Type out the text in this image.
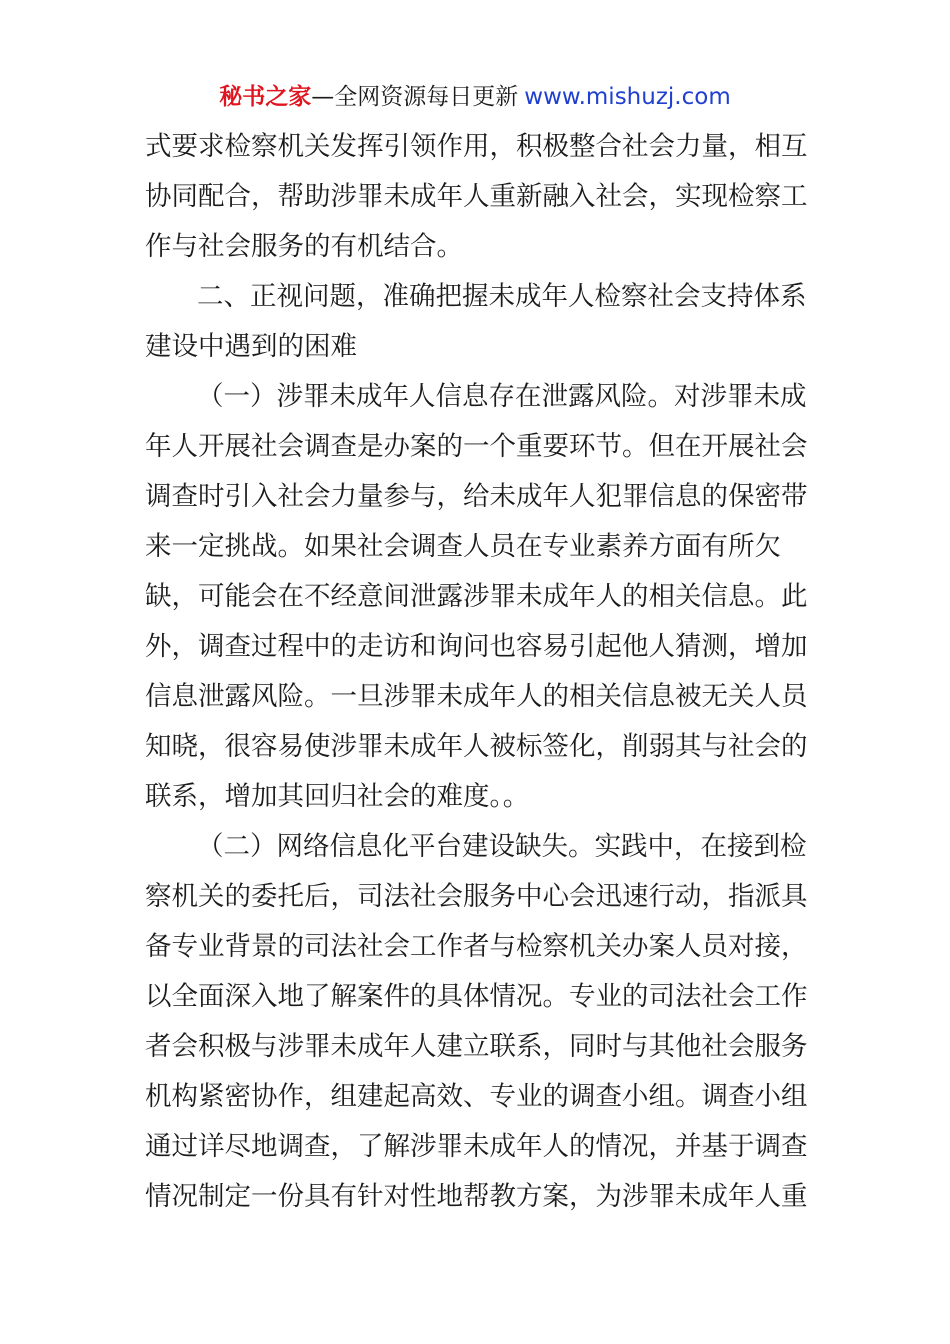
秘书之家—全网资源每日更新 www.mishuzj.com
式要求检察机关发挥引领作用，积极整合社会力量，相互
协同配合，帮助涉罪未成年人重新融入社会，实现检察工
作与社会服务的有机结合。
二、正视问题，准确把握未成年人检察社会支持体系
建设中遇到的困难
（一）涉罪未成年人信息存在泄露风险。对涉罪未成
年人开展社会调查是办案的一个重要环节。但在开展社会
调查时引入社会力量参与，给未成年人犯罪信息的保密带
来一定挑战。如果社会调查人员在专业素养方面有所欠
缺，可能会在不经意间泄露涉罪未成年人的相关信息。此
外，调查过程中的走访和询问也容易引起他人猜测，增加
信息泄露风险。一旦涉罪未成年人的相关信息被无关人员
知晓，很容易使涉罪未成年人被标签化，削弱其与社会的
联系，增加其回归社会的难度。。
（二）网络信息化平台建设缺失。实践中，在接到检
察机关的委托后，司法社会服务中心会迅速行动，指派具
备专业背景的司法社会工作者与检察机关办案人员对接，
以全面深入地了解案件的具体情况。专业的司法社会工作
者会积极与涉罪未成年人建立联系，同时与其他社会服务
机构紧密协作，组建起高效、专业的调查小组。调查小组
通过详尽地调查，了解涉罪未成年人的情况，并基于调查
情况制定一份具有针对性地帮教方案，为涉罪未成年人重
